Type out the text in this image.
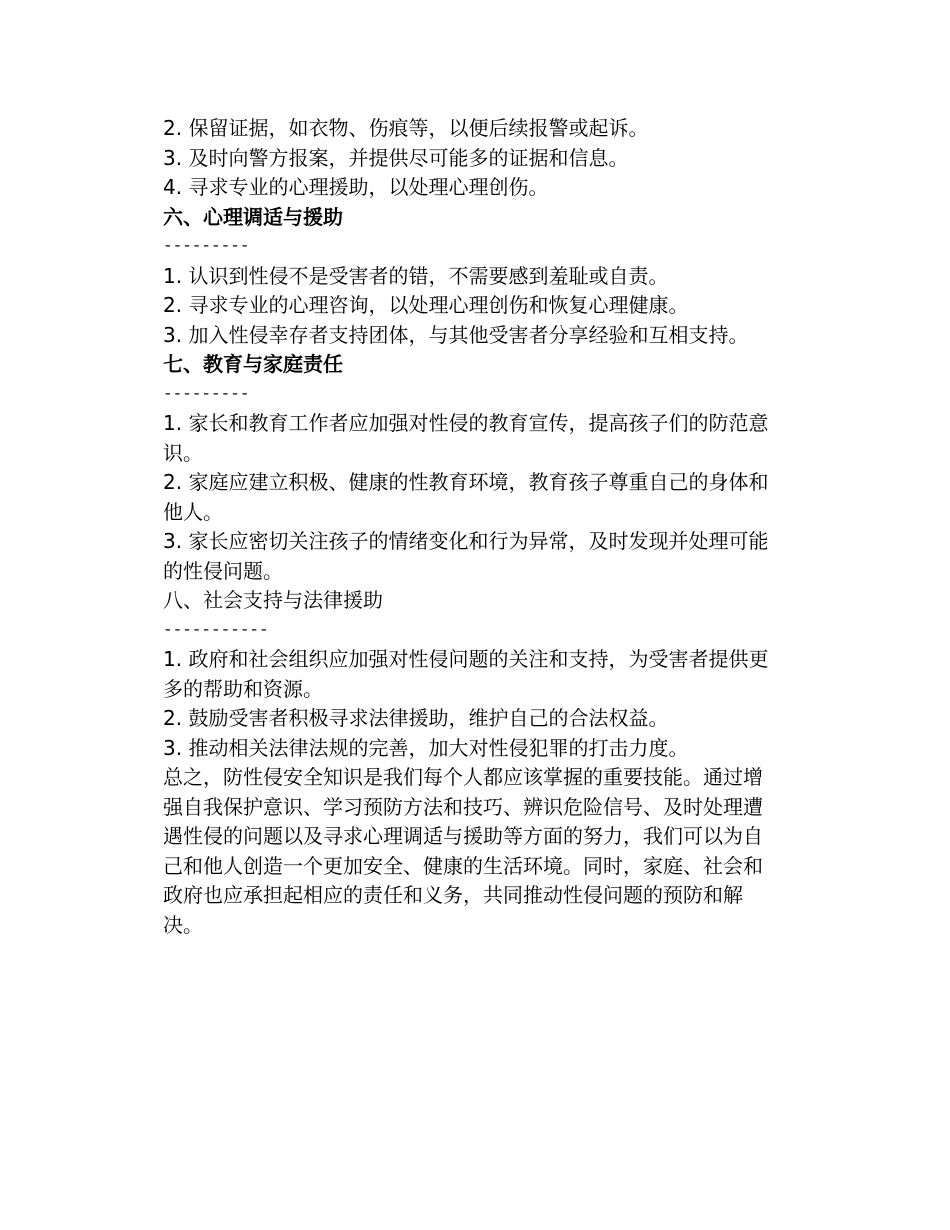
2. 保留证据，如衣物、伤痕等，以便后续报警或起诉。

3. 及时向警方报案，并提供尽可能多的证据和信息。

4. 寻求专业的心理援助，以处理心理创伤。

六、心理调适与援助

---------

1. 认识到性侵不是受害者的错，不需要感到羞耻或自责。

2. 寻求专业的心理咨询，以处理心理创伤和恢复心理健康。

3. 加入性侵幸存者支持团体，与其他受害者分享经验和互相支持。

七、教育与家庭责任

---------

1. 家长和教育工作者应加强对性侵的教育宣传，提高孩子们的防范意识。

2. 家庭应建立积极、健康的性教育环境，教育孩子尊重自己的身体和他人。

3. 家长应密切关注孩子的情绪变化和行为异常，及时发现并处理可能的性侵问题。

八、社会支持与法律援助

-----------

1. 政府和社会组织应加强对性侵问题的关注和支持，为受害者提供更多的帮助和资源。

2. 鼓励受害者积极寻求法律援助，维护自己的合法权益。

3. 推动相关法律法规的完善，加大对性侵犯罪的打击力度。

总之，防性侵安全知识是我们每个人都应该掌握的重要技能。通过增强自我保护意识、学习预防方法和技巧、辨识危险信号、及时处理遭遇性侵的问题以及寻求心理调适与援助等方面的努力，我们可以为自己和他人创造一个更加安全、健康的生活环境。同时，家庭、社会和政府也应承担起相应的责任和义务，共同推动性侵问题的预防和解决。
